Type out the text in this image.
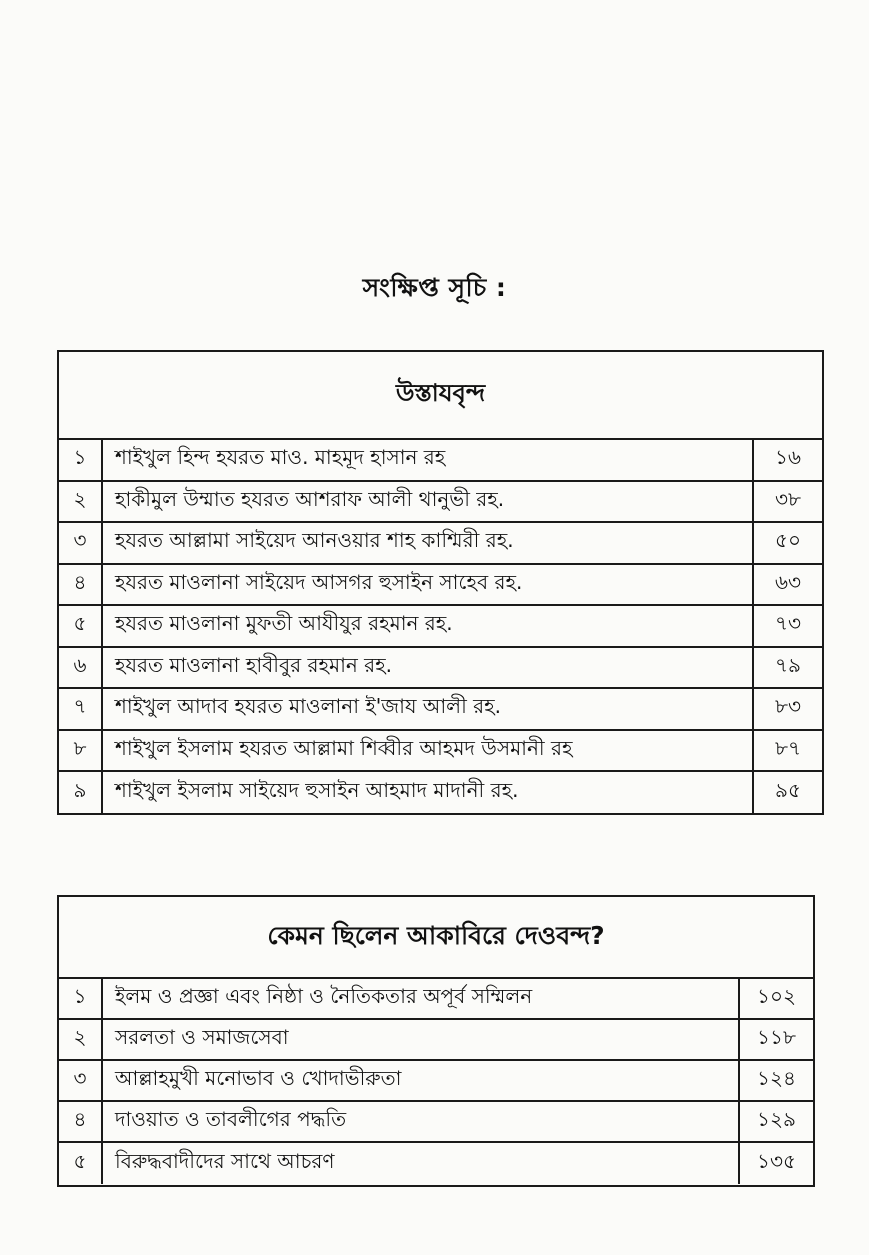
সংক্ষিপ্ত সূচি :
উস্তাযবৃন্দ
১	শাইখুল হিন্দ হযরত মাও. মাহমূদ হাসান রহ	১৬
২	হাকীমুল উম্মাত হযরত আশরাফ আলী থানুভী রহ.	৩৮
৩	হযরত আল্লামা সাইয়েদ আনওয়ার শাহ কাশ্মিরী রহ.	৫০
৪	হযরত মাওলানা সাইয়েদ আসগর হুসাইন সাহেব রহ.	৬৩
৫	হযরত মাওলানা মুফতী আযীযুর রহমান রহ.	৭৩
৬	হযরত মাওলানা হাবীবুর রহমান রহ.	৭৯
৭	শাইখুল আদাব হযরত মাওলানা ই'জায আলী রহ.	৮৩
৮	শাইখুল ইসলাম হযরত আল্লামা শিব্বীর আহমদ উসমানী রহ	৮৭
৯	শাইখুল ইসলাম সাইয়েদ হুসাইন আহমাদ মাদানী রহ.	৯৫
কেমন ছিলেন আকাবিরে দেওবন্দ?
১	ইলম ও প্রজ্ঞা এবং নিষ্ঠা ও নৈতিকতার অপূর্ব সম্মিলন	১০২
২	সরলতা ও সমাজসেবা	১১৮
৩	আল্লাহমুখী মনোভাব ও খোদাভীরুতা	১২৪
৪	দাওয়াত ও তাবলীগের পদ্ধতি	১২৯
৫	বিরুদ্ধবাদীদের সাথে আচরণ	১৩৫
